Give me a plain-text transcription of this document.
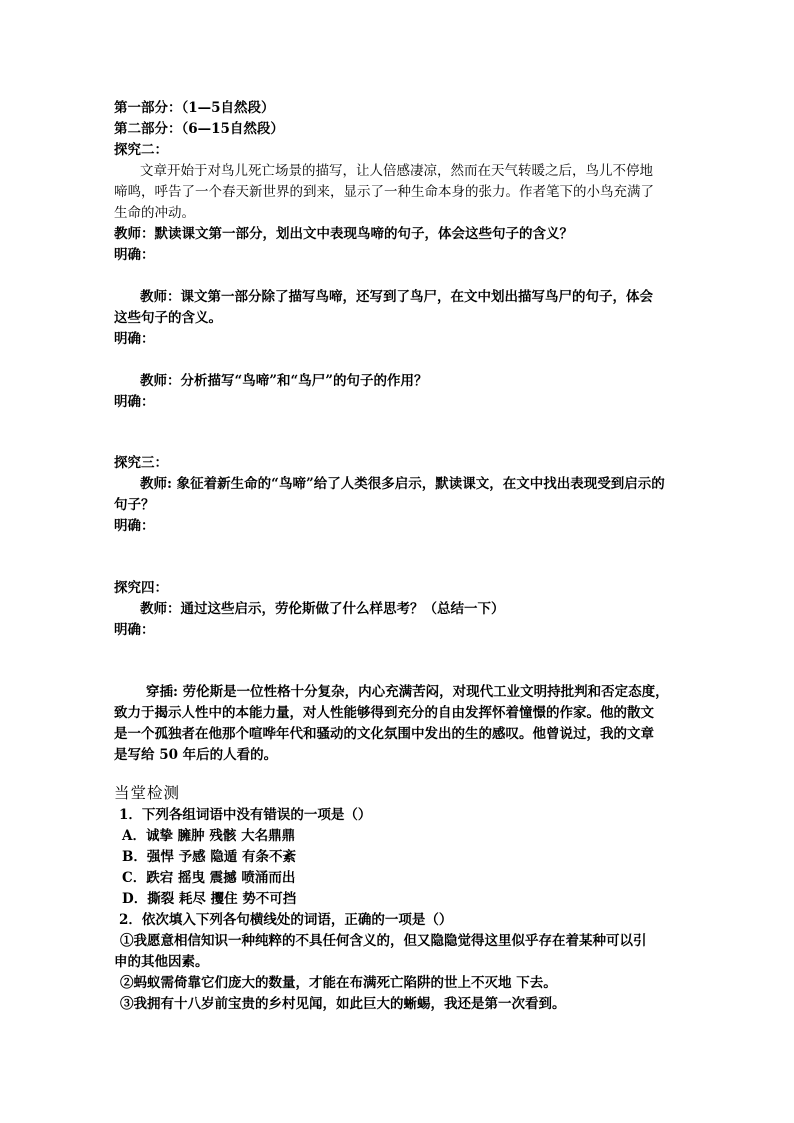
第一部分：（1—5自然段）
第二部分：（6—15自然段）
探究二：
文章开始于对鸟儿死亡场景的描写，让人倍感凄凉，然而在天气转暖之后，鸟儿不停地
啼鸣，呼告了一个春天新世界的到来，显示了一种生命本身的张力。作者笔下的小鸟充满了
生命的冲动。
教师：默读课文第一部分，划出文中表现鸟啼的句子，体会这些句子的含义？
明确：
教师：课文第一部分除了描写鸟啼，还写到了鸟尸，在文中划出描写鸟尸的句子，体会
这些句子的含义。
明确：
教师：分析描写“鸟啼”和“鸟尸”的句子的作用？
明确：
探究三：
教师: 象征着新生命的“鸟啼”给了人类很多启示，默读课文，在文中找出表现受到启示的
句子？
明确：
探究四：
教师：通过这些启示，劳伦斯做了什么样思考？（总结一下）
明确：
穿插: 劳伦斯是一位性格十分复杂，内心充满苦闷，对现代工业文明持批判和否定态度，
致力于揭示人性中的本能力量，对人性能够得到充分的自由发挥怀着憧憬的作家。他的散文
是一个孤独者在他那个喧哗年代和骚动的文化氛围中发出的生的感叹。他曾说过，我的文章
是写给 50 年后的人看的。
当堂检测
1．下列各组词语中没有错误的一项是（）
A．诚挚 臃肿 残骸 大名鼎鼎
B．强悍 予感 隐遁 有条不紊
C．跌宕 摇曳 震撼 喷涌而出
D．撕裂 耗尽 攫住 势不可挡
2．依次填入下列各句横线处的词语，正确的一项是（）
①我愿意相信知识一种纯粹的不具任何含义的，但又隐隐觉得这里似乎存在着某种可以引
申的其他因素。
②蚂蚁需倚靠它们庞大的数量，才能在布满死亡陷阱的世上不灭地 下去。
③我拥有十八岁前宝贵的乡村见闻，如此巨大的蜥蜴，我还是第一次看到。
